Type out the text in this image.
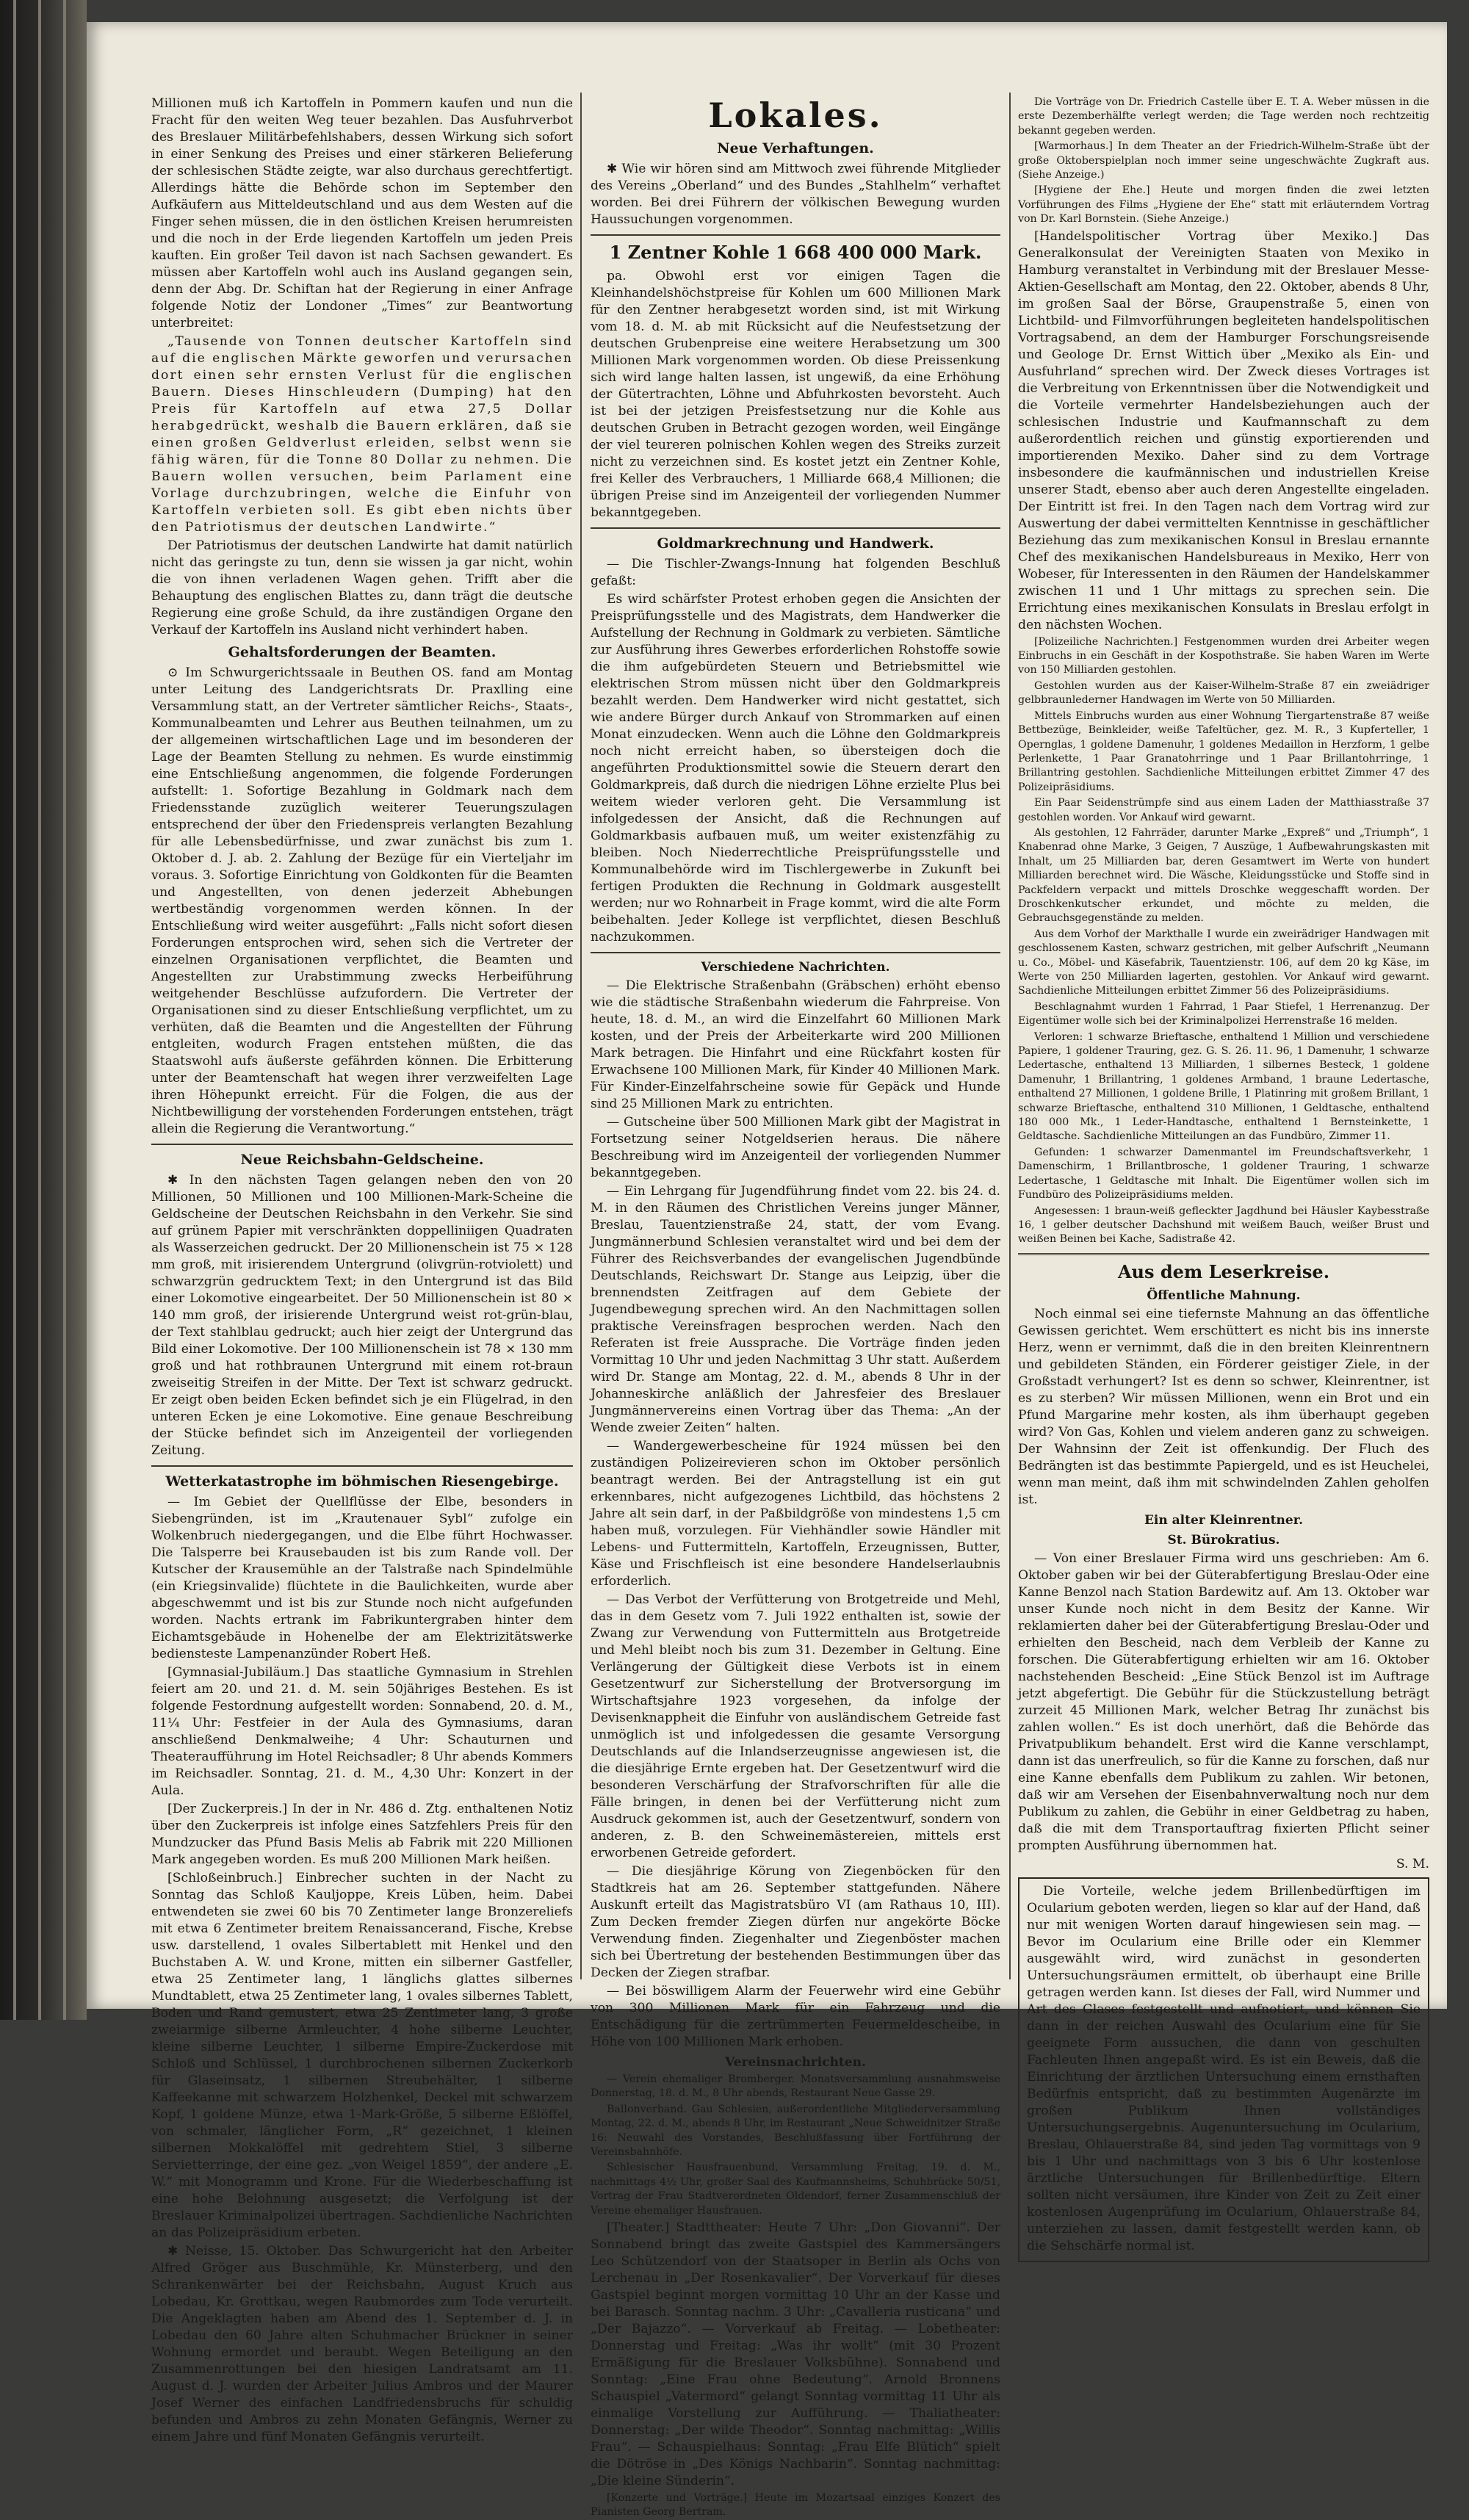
Millionen muß ich Kartoffeln in Pommern kaufen und nun die Fracht für den weiten Weg teuer bezahlen. Das Ausfuhrverbot des Breslauer Militärbefehlshabers, dessen Wirkung sich sofort in einer Senkung des Preises und einer stärkeren Belieferung der schlesischen Städte zeigte, war also durchaus gerechtfertigt. Allerdings hätte die Behörde schon im September den Aufkäufern aus Mitteldeutschland und aus dem Westen auf die Finger sehen müssen, die in den östlichen Kreisen herumreisten und die noch in der Erde liegenden Kartoffeln um jeden Preis kauften. Ein großer Teil davon ist nach Sachsen gewandert. Es müssen aber Kartoffeln wohl auch ins Ausland gegangen sein, denn der Abg. Dr. Schiftan hat der Regierung in einer Anfrage folgende Notiz der Londoner „Times“ zur Beantwortung unterbreitet:

„Tausende von Tonnen deutscher Kartoffeln sind auf die englischen Märkte geworfen und verursachen dort einen sehr ernsten Verlust für die englischen Bauern. Dieses Hinschleudern (Dumping) hat den Preis für Kartoffeln auf etwa 27,5 Dollar herabgedrückt, weshalb die Bauern erklären, daß sie einen großen Geldverlust erleiden, selbst wenn sie fähig wären, für die Tonne 80 Dollar zu nehmen. Die Bauern wollen versuchen, beim Parlament eine Vorlage durchzubringen, welche die Einfuhr von Kartoffeln verbieten soll. Es gibt eben nichts über den Patriotismus der deutschen Landwirte.“

Der Patriotismus der deutschen Landwirte hat damit natürlich nicht das geringste zu tun, denn sie wissen ja gar nicht, wohin die von ihnen verladenen Wagen gehen. Trifft aber die Behauptung des englischen Blattes zu, dann trägt die deutsche Regierung eine große Schuld, da ihre zuständigen Organe den Verkauf der Kartoffeln ins Ausland nicht verhindert haben.

Gehaltsforderungen der Beamten.

⊙ Im Schwurgerichtssaale in Beuthen OS. fand am Montag unter Leitung des Landgerichtsrats Dr. Praxlling eine Versammlung statt, an der Vertreter sämtlicher Reichs-, Staats-, Kommunalbeamten und Lehrer aus Beuthen teilnahmen, um zu der allgemeinen wirtschaftlichen Lage und im besonderen der Lage der Beamten Stellung zu nehmen. Es wurde einstimmig eine Entschließung angenommen, die folgende Forderungen aufstellt: 1. Sofortige Bezahlung in Goldmark nach dem Friedensstande zuzüglich weiterer Teuerungszulagen entsprechend der über den Friedenspreis verlangten Bezahlung für alle Lebensbedürfnisse, und zwar zunächst bis zum 1. Oktober d. J. ab. 2. Zahlung der Bezüge für ein Vierteljahr im voraus. 3. Sofortige Einrichtung von Goldkonten für die Beamten und Angestellten, von denen jederzeit Abhebungen wertbeständig vorgenommen werden können. In der Entschließung wird weiter ausgeführt: „Falls nicht sofort diesen Forderungen entsprochen wird, sehen sich die Vertreter der einzelnen Organisationen verpflichtet, die Beamten und Angestellten zur Urabstimmung zwecks Herbeiführung weitgehender Beschlüsse aufzufordern. Die Vertreter der Organisationen sind zu dieser Entschließung verpflichtet, um zu verhüten, daß die Beamten und die Angestellten der Führung entgleiten, wodurch Fragen entstehen müßten, die das Staatswohl aufs äußerste gefährden können. Die Erbitterung unter der Beamtenschaft hat wegen ihrer verzweifelten Lage ihren Höhepunkt erreicht. Für die Folgen, die aus der Nichtbewilligung der vorstehenden Forderungen entstehen, trägt allein die Regierung die Verantwortung.“

Neue Reichsbahn-Geldscheine.

✱ In den nächsten Tagen gelangen neben den von 20 Millionen, 50 Millionen und 100 Millionen-Mark-Scheine die Geldscheine der Deutschen Reichsbahn in den Verkehr. Sie sind auf grünem Papier mit verschränkten doppelliniigen Quadraten als Wasserzeichen gedruckt. Der 20 Millionenschein ist 75 × 128 mm groß, mit irisierendem Untergrund (olivgrün-rotviolett) und schwarzgrün gedrucktem Text; in den Untergrund ist das Bild einer Lokomotive eingearbeitet. Der 50 Millionenschein ist 80 × 140 mm groß, der irisierende Untergrund weist rot-grün-blau, der Text stahlblau gedruckt; auch hier zeigt der Untergrund das Bild einer Lokomotive. Der 100 Millionenschein ist 78 × 130 mm groß und hat rothbraunen Untergrund mit einem rot-braun zweiseitig Streifen in der Mitte. Der Text ist schwarz gedruckt. Er zeigt oben beiden Ecken befindet sich je ein Flügelrad, in den unteren Ecken je eine Lokomotive. Eine genaue Beschreibung der Stücke befindet sich im Anzeigenteil der vorliegenden Zeitung.

Wetterkatastrophe im böhmischen Riesengebirge.

— Im Gebiet der Quellflüsse der Elbe, besonders in Siebengründen, ist im „Krautenauer Sybl“ zufolge ein Wolkenbruch niedergegangen, und die Elbe führt Hochwasser. Die Talsperre bei Krausebauden ist bis zum Rande voll. Der Kutscher der Krausemühle an der Talstraße nach Spindelmühle (ein Kriegsinvalide) flüchtete in die Baulichkeiten, wurde aber abgeschwemmt und ist bis zur Stunde noch nicht aufgefunden worden. Nachts ertrank im Fabrikuntergraben hinter dem Eichamtsgebäude in Hohenelbe der am Elektrizitätswerke bediensteste Lampenanzünder Robert Heß.

[Gymnasial-Jubiläum.] Das staatliche Gymnasium in Strehlen feiert am 20. und 21. d. M. sein 50jähriges Bestehen. Es ist folgende Festordnung aufgestellt worden: Sonnabend, 20. d. M., 11¼ Uhr: Festfeier in der Aula des Gymnasiums, daran anschließend Denkmalweihe; 4 Uhr: Schauturnen und Theateraufführung im Hotel Reichsadler; 8 Uhr abends Kommers im Reichsadler. Sonntag, 21. d. M., 4,30 Uhr: Konzert in der Aula.

[Der Zuckerpreis.] In der in Nr. 486 d. Ztg. enthaltenen Notiz über den Zuckerpreis ist infolge eines Satzfehlers Preis für den Mundzucker das Pfund Basis Melis ab Fabrik mit 220 Millionen Mark angegeben worden. Es muß 200 Millionen Mark heißen.

[Schloßeinbruch.] Einbrecher suchten in der Nacht zu Sonntag das Schloß Kauljoppe, Kreis Lüben, heim. Dabei entwendeten sie zwei 60 bis 70 Zentimeter lange Bronzereliefs mit etwa 6 Zentimeter breitem Renaissancerand, Fische, Krebse usw. darstellend, 1 ovales Silbertablett mit Henkel und den Buchstaben A. W. und Krone, mitten ein silberner Gastfeller, etwa 25 Zentimeter lang, 1 länglichs glattes silbernes Mundtablett, etwa 25 Zentimeter lang, 1 ovales silbernes Tablett, Boden und Rand gemustert, etwa 25 Zentimeter lang, 3 große zweiarmige silberne Armleuchter, 4 hohe silberne Leuchter, kleine silberne Leuchter, 1 silberne Empire-Zuckerdose mit Schloß und Schlüssel, 1 durchbrochenen silbernen Zuckerkorb für Glaseinsatz, 1 silbernen Streubehälter, 1 silberne Kaffeekanne mit schwarzem Holzhenkel, Deckel mit schwarzem Kopf, 1 goldene Münze, etwa 1-Mark-Größe, 5 silberne Eßlöffel, von schmaler, länglicher Form, „R“ gezeichnet, 1 kleinen silbernen Mokkalöffel mit gedrehtem Stiel, 3 silberne Servietterringe, der eine gez. „von Weigel 1859“, der andere „E. W.“ mit Monogramm und Krone. Für die Wiederbeschaffung ist eine hohe Belohnung ausgesetzt; die Verfolgung ist der Breslauer Kriminalpolizei übertragen. Sachdienliche Nachrichten an das Polizeipräsidium erbeten.

✱ Neisse, 15. Oktober. Das Schwurgericht hat den Arbeiter Alfred Gröger aus Buschmühle, Kr. Münsterberg, und den Schrankenwärter bei der Reichsbahn, August Kruch aus Lobedau, Kr. Grottkau, wegen Raubmordes zum Tode verurteilt. Die Angeklagten haben am Abend des 1. September d. J. in Lobedau den 60 Jahre alten Schuhmacher Brückner in seiner Wohnung ermordet und beraubt. Wegen Beteiligung an den Zusammenrottungen bei den hiesigen Landratsamt am 11. August d. J. wurden der Arbeiter Julius Ambros und der Maurer Josef Werner des einfachen Landfriedensbruchs für schuldig befunden und Ambros zu zehn Monaten Gefängnis, Werner zu einem Jahre und fünf Monaten Gefängnis verurteilt.

Lokales.
Neue Verhaftungen.

✱ Wie wir hören sind am Mittwoch zwei führende Mitglieder des Vereins „Oberland“ und des Bundes „Stahlhelm“ verhaftet worden. Bei drei Führern der völkischen Bewegung wurden Haussuchungen vorgenommen.

1 Zentner Kohle 1 668 400 000 Mark.

pa. Obwohl erst vor einigen Tagen die Kleinhandelshöchstpreise für Kohlen um 600 Millionen Mark für den Zentner herabgesetzt worden sind, ist mit Wirkung vom 18. d. M. ab mit Rücksicht auf die Neufestsetzung der deutschen Grubenpreise eine weitere Herabsetzung um 300 Millionen Mark vorgenommen worden. Ob diese Preissenkung sich wird lange halten lassen, ist ungewiß, da eine Erhöhung der Gütertrachten, Löhne und Abfuhrkosten bevorsteht. Auch ist bei der jetzigen Preisfestsetzung nur die Kohle aus deutschen Gruben in Betracht gezogen worden, weil Eingänge der viel teureren polnischen Kohlen wegen des Streiks zurzeit nicht zu verzeichnen sind. Es kostet jetzt ein Zentner Kohle, frei Keller des Verbrauchers, 1 Milliarde 668,4 Millionen; die übrigen Preise sind im Anzeigenteil der vorliegenden Nummer bekanntgegeben.

Goldmarkrechnung und Handwerk.

— Die Tischler-Zwangs-Innung hat folgenden Beschluß gefaßt:

Es wird schärfster Protest erhoben gegen die Ansichten der Preisprüfungsstelle und des Magistrats, dem Handwerker die Aufstellung der Rechnung in Goldmark zu verbieten. Sämtliche zur Ausführung ihres Gewerbes erforderlichen Rohstoffe sowie die ihm aufgebürdeten Steuern und Betriebsmittel wie elektrischen Strom müssen nicht über den Goldmarkpreis bezahlt werden. Dem Handwerker wird nicht gestattet, sich wie andere Bürger durch Ankauf von Strommarken auf einen Monat einzudecken. Wenn auch die Löhne den Goldmarkpreis noch nicht erreicht haben, so übersteigen doch die angeführten Produktionsmittel sowie die Steuern derart den Goldmarkpreis, daß durch die niedrigen Löhne erzielte Plus bei weitem wieder verloren geht. Die Versammlung ist infolgedessen der Ansicht, daß die Rechnungen auf Goldmarkbasis aufbauen muß, um weiter existenzfähig zu bleiben. Noch Niederrechtliche Preisprüfungsstelle und Kommunalbehörde wird im Tischlergewerbe in Zukunft bei fertigen Produkten die Rechnung in Goldmark ausgestellt werden; nur wo Rohnarbeit in Frage kommt, wird die alte Form beibehalten. Jeder Kollege ist verpflichtet, diesen Beschluß nachzukommen.

Verschiedene Nachrichten.

— Die Elektrische Straßenbahn (Gräbschen) erhöht ebenso wie die städtische Straßenbahn wiederum die Fahrpreise. Von heute, 18. d. M., an wird die Einzelfahrt 60 Millionen Mark kosten, und der Preis der Arbeiterkarte wird 200 Millionen Mark betragen. Die Hinfahrt und eine Rückfahrt kosten für Erwachsene 100 Millionen Mark, für Kinder 40 Millionen Mark. Für Kinder-Einzelfahrscheine sowie für Gepäck und Hunde sind 25 Millionen Mark zu entrichten.

— Gutscheine über 500 Millionen Mark gibt der Magistrat in Fortsetzung seiner Notgeldserien heraus. Die nähere Beschreibung wird im Anzeigenteil der vorliegenden Nummer bekanntgegeben.

— Ein Lehrgang für Jugendführung findet vom 22. bis 24. d. M. in den Räumen des Christlichen Vereins junger Männer, Breslau, Tauentzienstraße 24, statt, der vom Evang. Jungmännerbund Schlesien veranstaltet wird und bei dem der Führer des Reichsverbandes der evangelischen Jugendbünde Deutschlands, Reichswart Dr. Stange aus Leipzig, über die brennendsten Zeitfragen auf dem Gebiete der Jugendbewegung sprechen wird. An den Nachmittagen sollen praktische Vereinsfragen besprochen werden. Nach den Referaten ist freie Aussprache. Die Vorträge finden jeden Vormittag 10 Uhr und jeden Nachmittag 3 Uhr statt. Außerdem wird Dr. Stange am Montag, 22. d. M., abends 8 Uhr in der Johanneskirche anläßlich der Jahresfeier des Breslauer Jungmännervereins einen Vortrag über das Thema: „An der Wende zweier Zeiten“ halten.

— Wandergewerbescheine für 1924 müssen bei den zuständigen Polizeirevieren schon im Oktober persönlich beantragt werden. Bei der Antragstellung ist ein gut erkennbares, nicht aufgezogenes Lichtbild, das höchstens 2 Jahre alt sein darf, in der Paßbildgröße von mindestens 1,5 cm haben muß, vorzulegen. Für Viehhändler sowie Händler mit Lebens- und Futtermitteln, Kartoffeln, Erzeugnissen, Butter, Käse und Frischfleisch ist eine besondere Handelserlaubnis erforderlich.

— Das Verbot der Verfütterung von Brotgetreide und Mehl, das in dem Gesetz vom 7. Juli 1922 enthalten ist, sowie der Zwang zur Verwendung von Futtermitteln aus Brotgetreide und Mehl bleibt noch bis zum 31. Dezember in Geltung. Eine Verlängerung der Gültigkeit diese Verbots ist in einem Gesetzentwurf zur Sicherstellung der Brotversorgung im Wirtschaftsjahre 1923 vorgesehen, da infolge der Devisenknappheit die Einfuhr von ausländischem Getreide fast unmöglich ist und infolgedessen die gesamte Versorgung Deutschlands auf die Inlandserzeugnisse angewiesen ist, die die diesjährige Ernte ergeben hat. Der Gesetzentwurf wird die besonderen Verschärfung der Strafvorschriften für alle die Fälle bringen, in denen bei der Verfütterung nicht zum Ausdruck gekommen ist, auch der Gesetzentwurf, sondern von anderen, z. B. den Schweinemästereien, mittels erst erworbenen Getreide gefordert.

— Die diesjährige Körung von Ziegenböcken für den Stadtkreis hat am 26. September stattgefunden. Nähere Auskunft erteilt das Magistratsbüro VI (am Rathaus 10, III). Zum Decken fremder Ziegen dürfen nur angekörte Böcke Verwendung finden. Ziegenhalter und Ziegenböster machen sich bei Übertretung der bestehenden Bestimmungen über das Decken der Ziegen strafbar.

— Bei böswilligem Alarm der Feuerwehr wird eine Gebühr von 300 Millionen Mark für ein Fahrzeug und die Entschädigung für die zertrümmerten Feuermeldescheibe, in Höhe von 100 Millionen Mark erhoben.

Vereinsnachrichten.

— Verein ehemaliger Bromberger. Monatsversammlung ausnahmsweise Donnerstag, 18. d. M., 8 Uhr abends, Restaurant Neue Gasse 29.

Ballonverband. Gau Schlesien, außerordentliche Mitgliederversammlung Montag, 22. d. M., abends 8 Uhr, im Restaurant „Neue Schweidnitzer Straße 16: Neuwahl des Vorstandes, Beschlußfassung über Fortführung der Vereinsbahnhöfe.

Schlesischer Hausfrauenbund, Versammlung Freitag, 19. d. M., nachmittags 4½ Uhr, großer Saal des Kaufmannsheims, Schuhbrücke 50/51, Vortrag der Frau Stadtverordneten Oldendorf, ferner Zusammenschluß der Vereine ehemaliger Hausfrauen.

[Theater.] Stadttheater: Heute 7 Uhr: „Don Giovanni“. Der Sonnabend bringt das zweite Gastspiel des Kammersängers Leo Schützendorf von der Staatsoper in Berlin als Ochs von Lerchenau in „Der Rosenkavalier“. Der Vorverkauf für dieses Gastspiel beginnt morgen vormittag 10 Uhr an der Kasse und bei Barasch. Sonntag nachm. 3 Uhr: „Cavalleria rusticana“ und „Der Bajazzo“. — Vorverkauf ab Freitag. — Lobetheater: Donnerstag und Freitag: „Was ihr wollt“ (mit 30 Prozent Ermäßigung für die Breslauer Volksbühne). Sonnabend und Sonntag: „Eine Frau ohne Bedeutung“. Arnold Bronnens Schauspiel „Vatermord“ gelangt Sonntag vormittag 11 Uhr als einmalige Vorstellung zur Aufführung. — Thaliatheater: Donnerstag: „Der wilde Theodor“. Sonntag nachmittag: „Willis Frau“. — Schauspielhaus: Sonntag: „Frau Elfe Blütich“ spielt die Dötröse in „Des Königs Nachbarin“. Sonntag nachmittag: „Die kleine Sünderin“.

[Konzerte und Vorträge.] Heute im Mozartsaal einziges Konzert des Pianisten Georg Bertram.

Die Vorträge von Dr. Friedrich Castelle über E. T. A. Weber müssen in die erste Dezemberhälfte verlegt werden; die Tage werden noch rechtzeitig bekannt gegeben werden.

[Warmorhaus.] In dem Theater an der Friedrich-Wilhelm-Straße übt der große Oktoberspielplan noch immer seine ungeschwächte Zugkraft aus. (Siehe Anzeige.)

[Hygiene der Ehe.] Heute und morgen finden die zwei letzten Vorführungen des Films „Hygiene der Ehe“ statt mit erläuterndem Vortrag von Dr. Karl Bornstein. (Siehe Anzeige.)

[Handelspolitischer Vortrag über Mexiko.] Das Generalkonsulat der Vereinigten Staaten von Mexiko in Hamburg veranstaltet in Verbindung mit der Breslauer Messe-Aktien-Gesellschaft am Montag, den 22. Oktober, abends 8 Uhr, im großen Saal der Börse, Graupenstraße 5, einen von Lichtbild- und Filmvorführungen begleiteten handelspolitischen Vortragsabend, an dem der Hamburger Forschungsreisende und Geologe Dr. Ernst Wittich über „Mexiko als Ein- und Ausfuhrland“ sprechen wird. Der Zweck dieses Vortrages ist die Verbreitung von Erkenntnissen über die Notwendigkeit und die Vorteile vermehrter Handelsbeziehungen auch der schlesischen Industrie und Kaufmannschaft zu dem außerordentlich reichen und günstig exportierenden und importierenden Mexiko. Daher sind zu dem Vortrage insbesondere die kaufmännischen und industriellen Kreise unserer Stadt, ebenso aber auch deren Angestellte eingeladen. Der Eintritt ist frei. In den Tagen nach dem Vortrag wird zur Auswertung der dabei vermittelten Kenntnisse in geschäftlicher Beziehung das zum mexikanischen Konsul in Breslau ernannte Chef des mexikanischen Handelsbureaus in Mexiko, Herr von Wobeser, für Interessenten in den Räumen der Handelskammer zwischen 11 und 1 Uhr mittags zu sprechen sein. Die Errichtung eines mexikanischen Konsulats in Breslau erfolgt in den nächsten Wochen.

[Polizeiliche Nachrichten.] Festgenommen wurden drei Arbeiter wegen Einbruchs in ein Geschäft in der Kospothstraße. Sie haben Waren im Werte von 150 Milliarden gestohlen.

Gestohlen wurden aus der Kaiser-Wilhelm-Straße 87 ein zweiädriger gelbbraunlederner Handwagen im Werte von 50 Milliarden.

Mittels Einbruchs wurden aus einer Wohnung Tiergartenstraße 87 weiße Bettbezüge, Beinkleider, weiße Tafeltücher, gez. M. R., 3 Kupferteller, 1 Opernglas, 1 goldene Damenuhr, 1 goldenes Medaillon in Herzform, 1 gelbe Perlenkette, 1 Paar Granatohrringe und 1 Paar Brillantohrringe, 1 Brillantring gestohlen. Sachdienliche Mitteilungen erbittet Zimmer 47 des Polizeipräsidiums.

Ein Paar Seidenstrümpfe sind aus einem Laden der Matthiasstraße 37 gestohlen worden. Vor Ankauf wird gewarnt.

Als gestohlen, 12 Fahrräder, darunter Marke „Expreß“ und „Triumph“, 1 Knabenrad ohne Marke, 3 Geigen, 7 Auszüge, 1 Aufbewahrungskasten mit Inhalt, um 25 Milliarden bar, deren Gesamtwert im Werte von hundert Milliarden berechnet wird. Die Wäsche, Kleidungsstücke und Stoffe sind in Packfeldern verpackt und mittels Droschke weggeschafft worden. Der Droschkenkutscher erkundet, und möchte zu melden, die Gebrauchsgegenstände zu melden.

Aus dem Vorhof der Markthalle I wurde ein zweirädriger Handwagen mit geschlossenem Kasten, schwarz gestrichen, mit gelber Aufschrift „Neumann u. Co., Möbel- und Käsefabrik, Tauentzienstr. 106, auf dem 20 kg Käse, im Werte von 250 Milliarden lagerten, gestohlen. Vor Ankauf wird gewarnt. Sachdienliche Mitteilungen erbittet Zimmer 56 des Polizeipräsidiums.

Beschlagnahmt wurden 1 Fahrrad, 1 Paar Stiefel, 1 Herrenanzug. Der Eigentümer wolle sich bei der Kriminalpolizei Herrenstraße 16 melden.

Verloren: 1 schwarze Brieftasche, enthaltend 1 Million und verschiedene Papiere, 1 goldener Trauring, gez. G. S. 26. 11. 96, 1 Damenuhr, 1 schwarze Ledertasche, enthaltend 13 Milliarden, 1 silbernes Besteck, 1 goldene Damenuhr, 1 Brillantring, 1 goldenes Armband, 1 braune Ledertasche, enthaltend 27 Millionen, 1 goldene Brille, 1 Platinring mit großem Brillant, 1 schwarze Brieftasche, enthaltend 310 Millionen, 1 Geldtasche, enthaltend 180 000 Mk., 1 Leder-Handtasche, enthaltend 1 Bernsteinkette, 1 Geldtasche. Sachdienliche Mitteilungen an das Fundbüro, Zimmer 11.

Gefunden: 1 schwarzer Damenmantel im Freundschaftsverkehr, 1 Damenschirm, 1 Brillantbrosche, 1 goldener Trauring, 1 schwarze Ledertasche, 1 Geldtasche mit Inhalt. Die Eigentümer wollen sich im Fundbüro des Polizeipräsidiums melden.

Angesessen: 1 braun-weiß gefleckter Jagdhund bei Häusler Kaybesstraße 16, 1 gelber deutscher Dachshund mit weißem Bauch, weißer Brust und weißen Beinen bei Kache, Sadistraße 42.

Aus dem Leserkreise.
Öffentliche Mahnung.

Noch einmal sei eine tiefernste Mahnung an das öffentliche Gewissen gerichtet. Wem erschüttert es nicht bis ins innerste Herz, wenn er vernimmt, daß die in den breiten Kleinrentnern und gebildeten Ständen, ein Förderer geistiger Ziele, in der Großstadt verhungert? Ist es denn so schwer, Kleinrentner, ist es zu sterben? Wir müssen Millionen, wenn ein Brot und ein Pfund Margarine mehr kosten, als ihm überhaupt gegeben wird? Von Gas, Kohlen und vielem anderen ganz zu schweigen. Der Wahnsinn der Zeit ist offenkundig. Der Fluch des Bedrängten ist das bestimmte Papiergeld, und es ist Heuchelei, wenn man meint, daß ihm mit schwindelnden Zahlen geholfen ist.

Ein alter Kleinrentner.
St. Bürokratius.

— Von einer Breslauer Firma wird uns geschrieben: Am 6. Oktober gaben wir bei der Güterabfertigung Breslau-Oder eine Kanne Benzol nach Station Bardewitz auf. Am 13. Oktober war unser Kunde noch nicht in dem Besitz der Kanne. Wir reklamierten daher bei der Güterabfertigung Breslau-Oder und erhielten den Bescheid, nach dem Verbleib der Kanne zu forschen. Die Güterabfertigung erhielten wir am 16. Oktober nachstehenden Bescheid: „Eine Stück Benzol ist im Auftrage jetzt abgefertigt. Die Gebühr für die Stückzustellung beträgt zurzeit 45 Millionen Mark, welcher Betrag Ihr zunächst bis zahlen wollen.“ Es ist doch unerhört, daß die Behörde das Privatpublikum behandelt. Erst wird die Kanne verschlampt, dann ist das unerfreulich, so für die Kanne zu forschen, daß nur eine Kanne ebenfalls dem Publikum zu zahlen. Wir betonen, daß wir am Versehen der Eisenbahnverwaltung noch nur dem Publikum zu zahlen, die Gebühr in einer Geldbetrag zu haben, daß die mit dem Transportauftrag fixierten Pflicht seiner prompten Ausführung übernommen hat.

S. M.

Die Vorteile, welche jedem Brillenbedürftigen im Ocularium geboten werden, liegen so klar auf der Hand, daß nur mit wenigen Worten darauf hingewiesen sein mag. — Bevor im Ocularium eine Brille oder ein Klemmer ausgewählt wird, wird zunächst in gesonderten Untersuchungsräumen ermittelt, ob überhaupt eine Brille getragen werden kann. Ist dieses der Fall, wird Nummer und Art des Glases festgestellt und aufnotiert, und können Sie dann in der reichen Auswahl des Ocularium eine für Sie geeignete Form aussuchen, die dann von geschulten Fachleuten Ihnen angepaßt wird. Es ist ein Beweis, daß die Einrichtung der ärztlichen Untersuchung einem ernsthaften Bedürfnis entspricht, daß zu bestimmten Augenärzte im großen Publikum Ihnen vollständiges Untersuchungsergebnis. Augenuntersuchung im Ocularium, Breslau, Ohlauerstraße 84, sind jeden Tag vormittags von 9 bis 1 Uhr und nachmittags von 3 bis 6 Uhr kostenlose ärztliche Untersuchungen für Brillenbedürftige. Eltern sollten nicht versäumen, ihre Kinder von Zeit zu Zeit einer kostenlosen Augenprüfung im Ocularium, Ohlauerstraße 84, unterziehen zu lassen, damit festgestellt werden kann, ob die Sehschärfe normal ist.
